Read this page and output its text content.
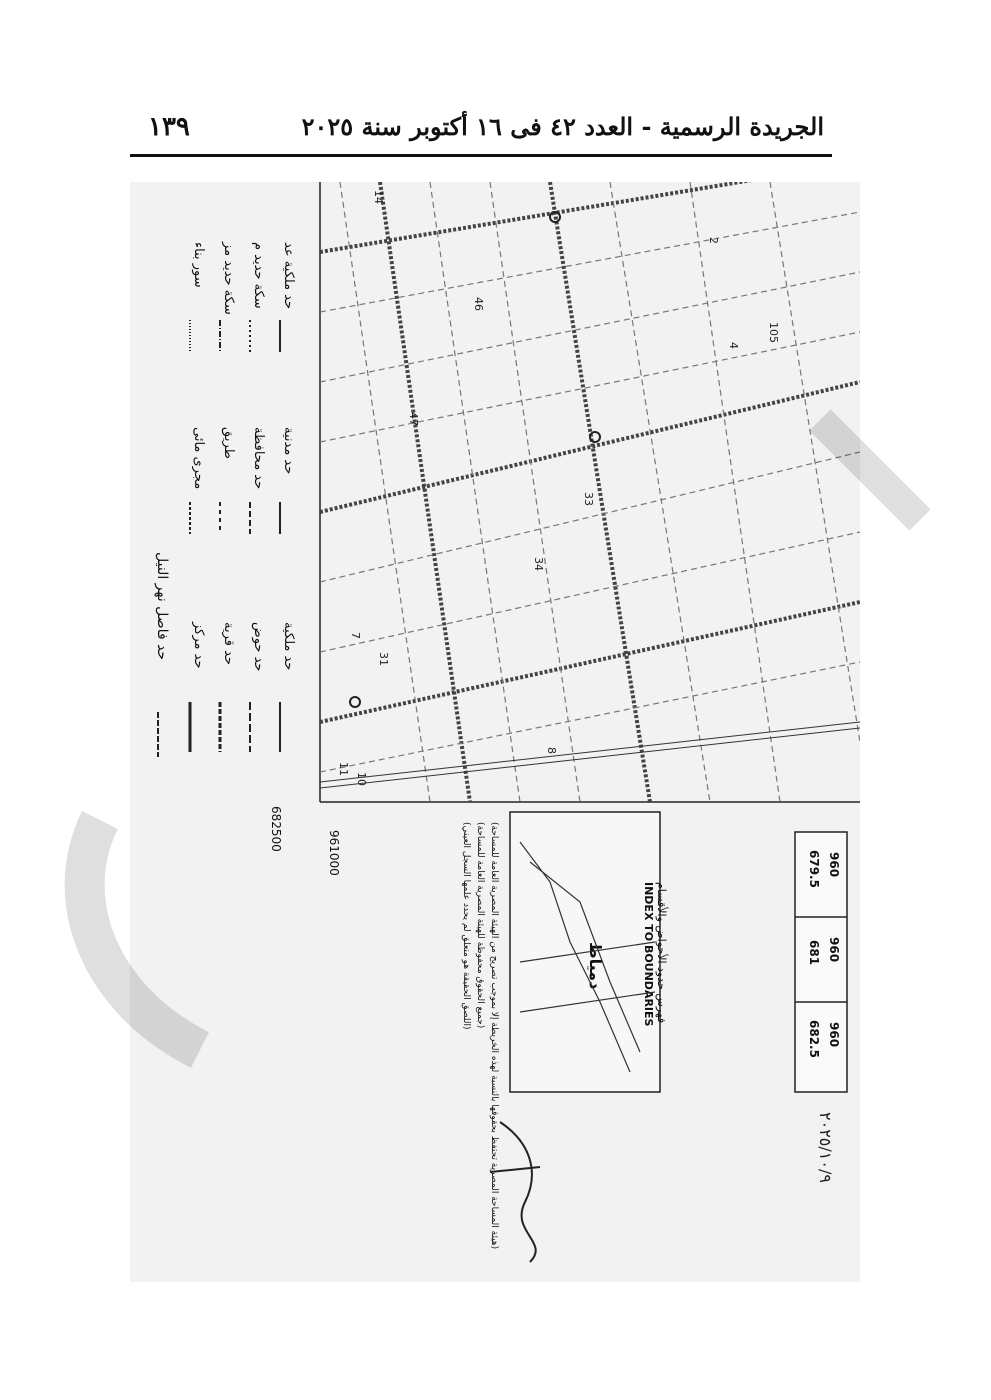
١٣٩	الجريدة الرسمية - العدد ٤٢ فى ١٦ أكتوبر سنة ٢٠٢٥
حد ملكية عد
سكة حديد م
سكة حديد مز
سور بناء
حد مدنية
حد محافظة
طريق
مجرى مائى
حد ملكية
حد حوض
حد قرية
حد مركز
حد فاصل نهر النيل
46
47
33
34
31
8
2
4
11
10
7
105
14
682500
961000
INDEX TO BOUNDARIES فهرس حدود الأحواض والأقسام
دمياط
(هيئة المساحة المصرية تحتفظ بحقوقها بالنسبة لهذه الخريطة إلا بموجب تصريح من الهيئة المصرية العامة للمساحة)
(جميع الحقوق محفوظة للهيئة المصرية العامة للمساحة)
(اللصق الحقيقة هو متعلق لم يحدد علمها السجل العيني)
960
679.5
960
681
960
682.5
٢٠٢٥/١٠/٩
